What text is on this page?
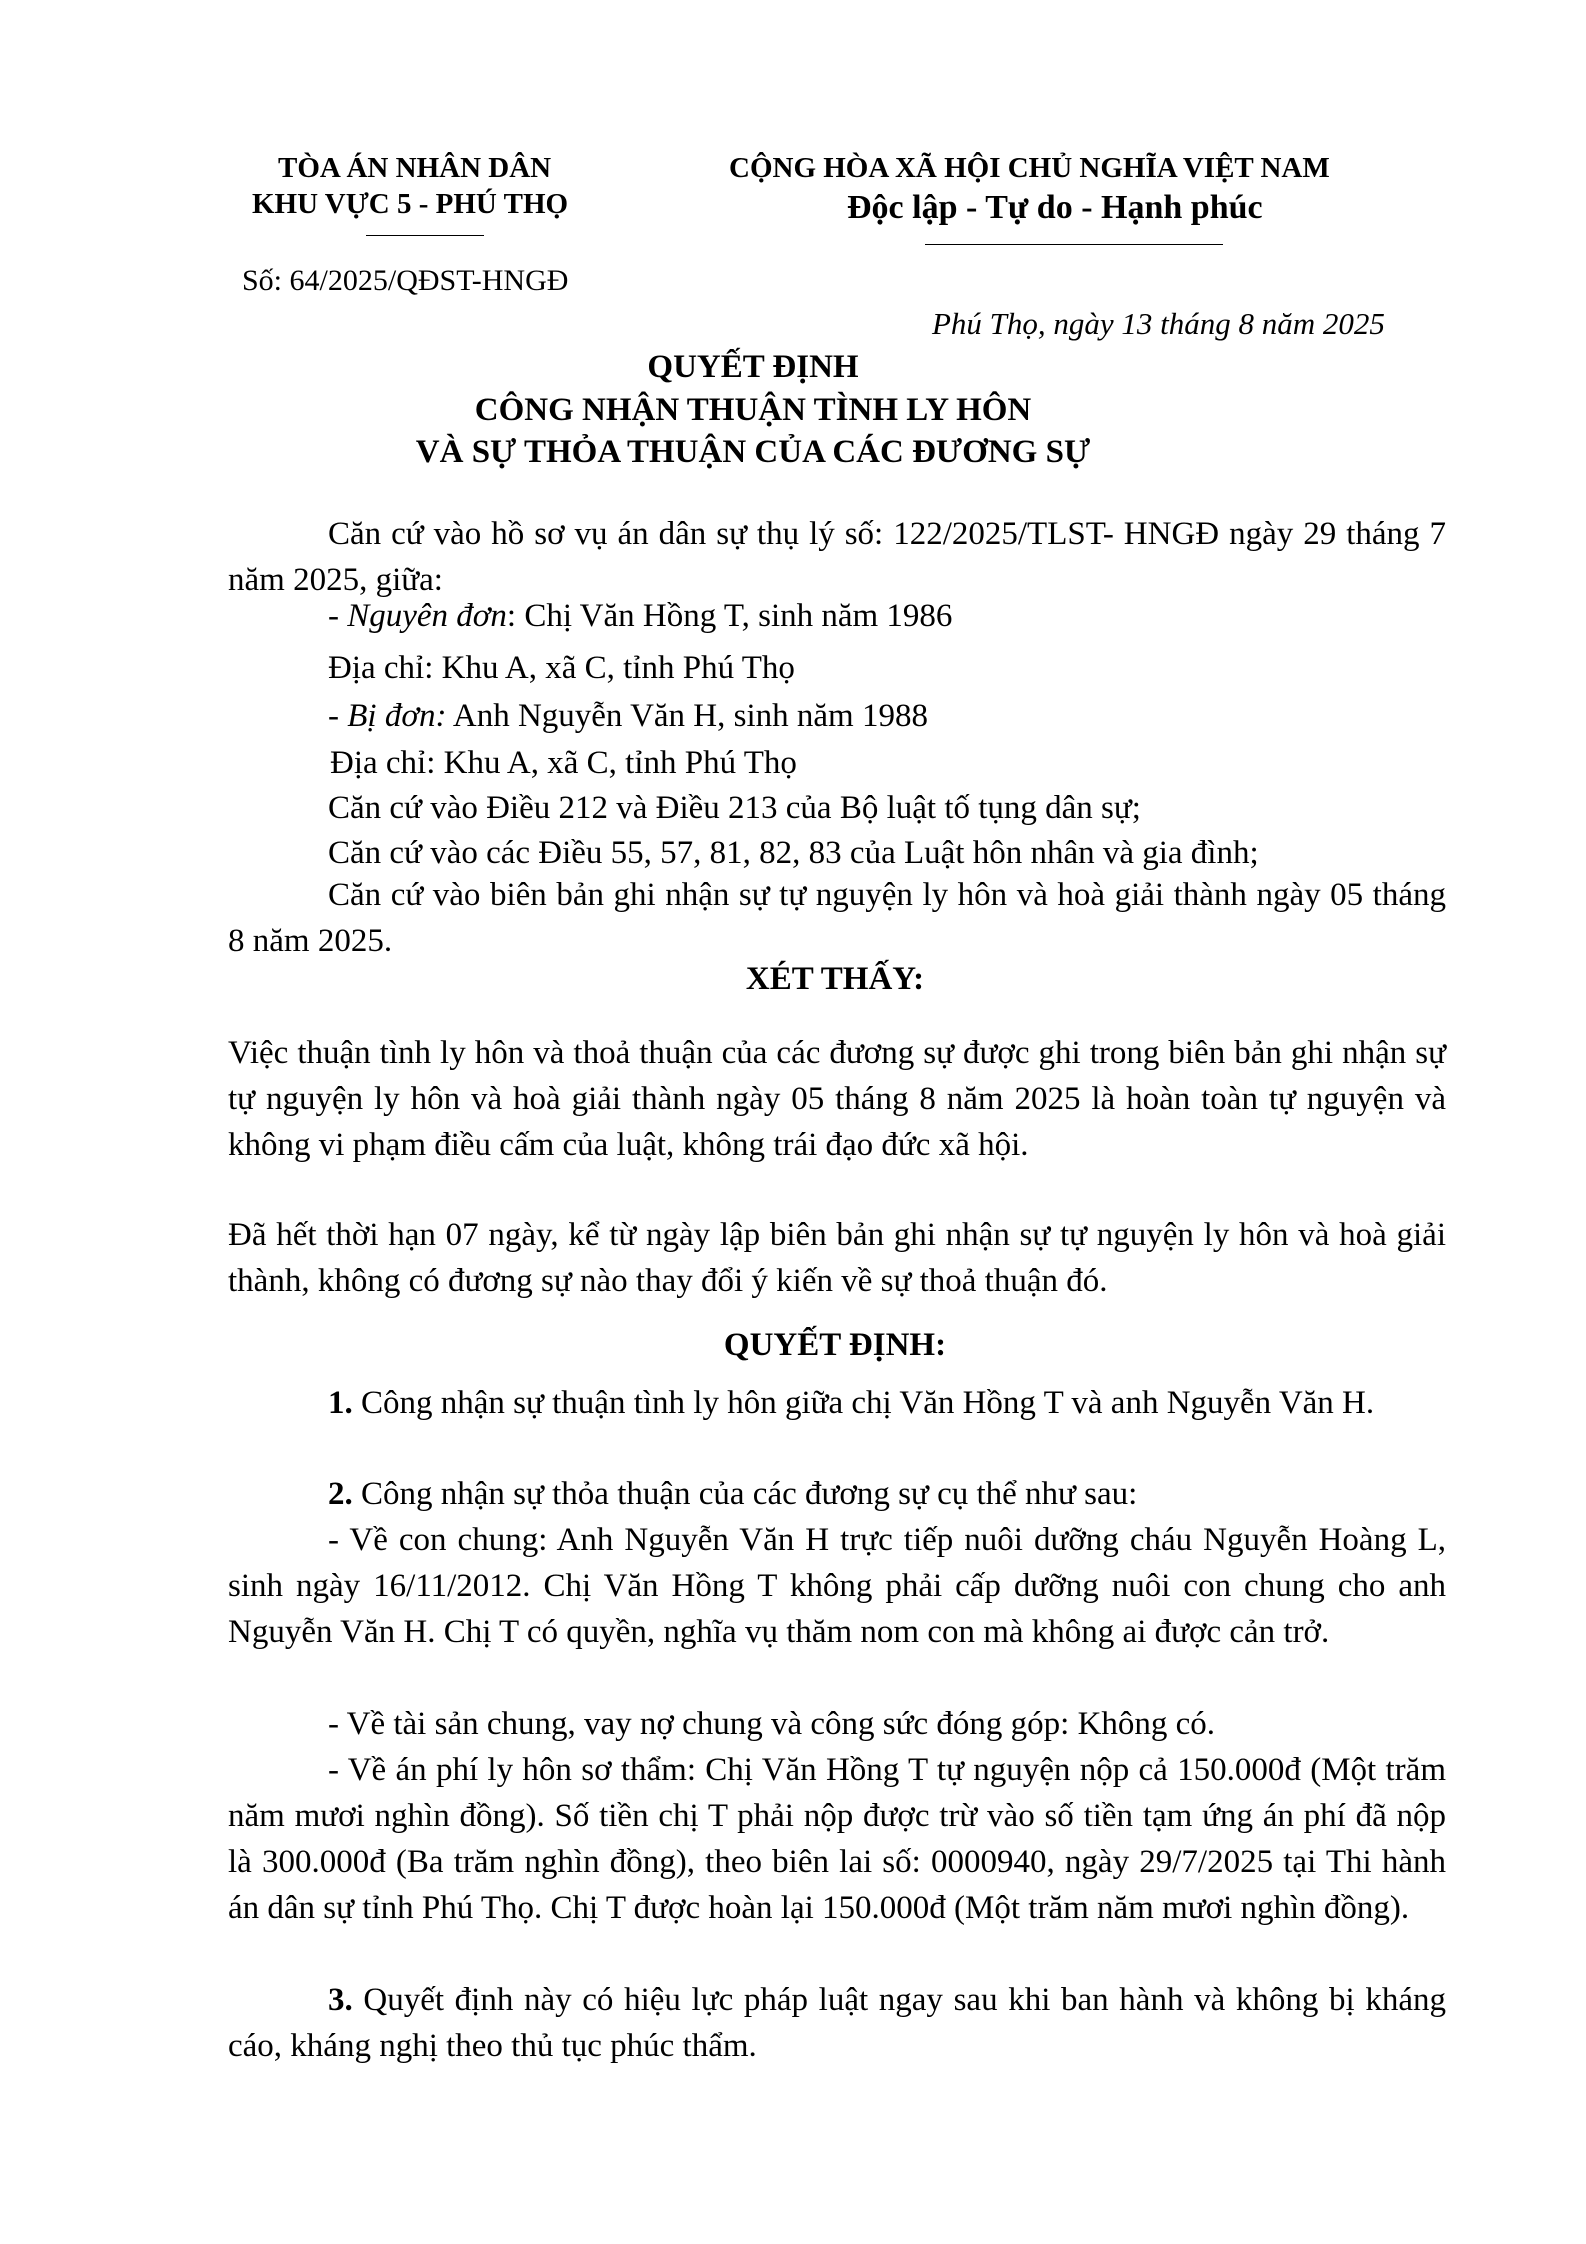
TÒA ÁN NHÂN DÂN
KHU VỰC 5 - PHÚ THỌ
Số: 64/2025/QĐST-HNGĐ
CỘNG HÒA XÃ HỘI CHỦ NGHĨA VIỆT NAM
Độc lập - Tự do - Hạnh phúc
Phú Thọ, ngày 13 tháng 8 năm 2025
QUYẾT ĐỊNH
CÔNG NHẬN THUẬN TÌNH LY HÔN
VÀ SỰ THỎA THUẬN CỦA CÁC ĐƯƠNG SỰ
Căn cứ vào hồ sơ vụ án dân sự thụ lý số: 122/2025/TLST- HNGĐ ngày 29 tháng 7 năm 2025, giữa:
- Nguyên đơn: Chị Văn Hồng T, sinh năm 1986
Địa chỉ: Khu A, xã C, tỉnh Phú Thọ
- Bị đơn: Anh Nguyễn Văn H, sinh năm 1988
Địa chỉ: Khu A, xã C, tỉnh Phú Thọ
Căn cứ vào Điều 212 và Điều 213 của Bộ luật tố tụng dân sự;
Căn cứ vào các Điều 55, 57, 81, 82, 83 của Luật hôn nhân và gia đình;
Căn cứ vào biên bản ghi nhận sự tự nguyện ly hôn và hoà giải thành ngày 05 tháng 8 năm 2025.
XÉT THẤY:
Việc thuận tình ly hôn và thoả thuận của các đương sự được ghi trong biên bản ghi nhận sự tự nguyện ly hôn và hoà giải thành ngày 05 tháng 8 năm 2025 là hoàn toàn tự nguyện và không vi phạm điều cấm của luật, không trái đạo đức xã hội.
Đã hết thời hạn 07 ngày, kể từ ngày lập biên bản ghi nhận sự tự nguyện ly hôn và hoà giải thành, không có đương sự nào thay đổi ý kiến về sự thoả thuận đó.
QUYẾT ĐỊNH:
1. Công nhận sự thuận tình ly hôn giữa chị Văn Hồng T và anh Nguyễn Văn H.
2. Công nhận sự thỏa thuận của các đương sự cụ thể như sau:
- Về con chung: Anh Nguyễn Văn H trực tiếp nuôi dưỡng cháu Nguyễn Hoàng L, sinh ngày 16/11/2012. Chị Văn Hồng T không phải cấp dưỡng nuôi con chung cho anh Nguyễn Văn H. Chị T có quyền, nghĩa vụ thăm nom con mà không ai được cản trở.
- Về tài sản chung, vay nợ chung và công sức đóng góp: Không có.
- Về án phí ly hôn sơ thẩm: Chị Văn Hồng T tự nguyện nộp cả 150.000đ (Một trăm năm mươi nghìn đồng). Số tiền chị T phải nộp được trừ vào số tiền tạm ứng án phí đã nộp là 300.000đ (Ba trăm nghìn đồng), theo biên lai số: 0000940, ngày 29/7/2025 tại Thi hành án dân sự tỉnh Phú Thọ. Chị T được hoàn lại 150.000đ (Một trăm năm mươi nghìn đồng).
3. Quyết định này có hiệu lực pháp luật ngay sau khi ban hành và không bị kháng cáo, kháng nghị theo thủ tục phúc thẩm.
